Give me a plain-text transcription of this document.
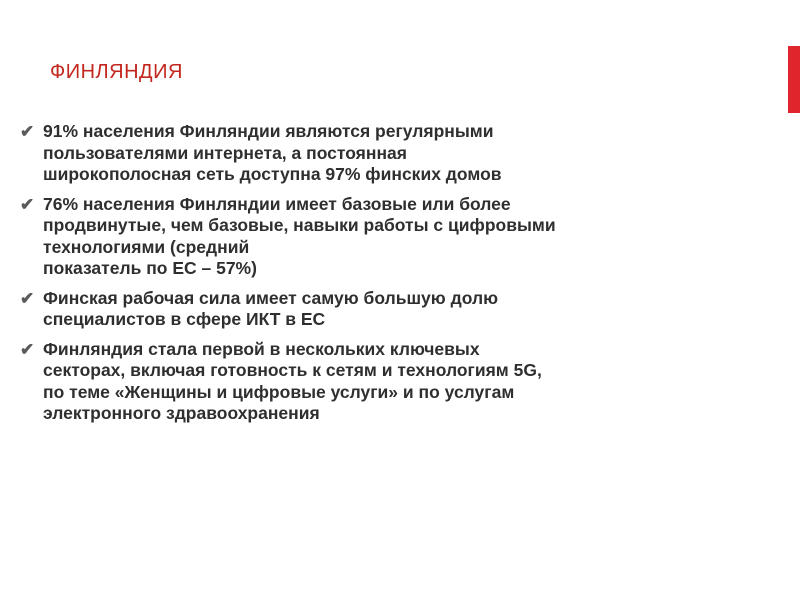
ФИНЛЯНДИЯ
✔ 91% населения Финляндии являются регулярными
пользователями интернета, а постоянная
широкополосная сеть доступна 97% финских домов
✔ 76% населения Финляндии имеет базовые или более
продвинутые, чем базовые, навыки работы с цифровыми
технологиями (средний
показатель по ЕС – 57%)
✔ Финская рабочая сила имеет самую большую долю
специалистов в сфере ИКТ в ЕС
✔ Финляндия стала первой в нескольких ключевых
секторах, включая готовность к сетям и технологиям 5G,
по теме «Женщины и цифровые услуги» и по услугам
электронного здравоохранения
